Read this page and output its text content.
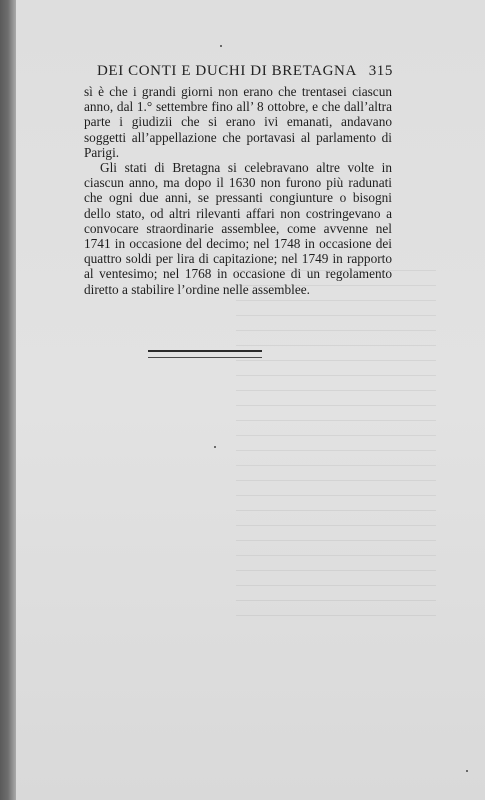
DEI CONTI E DUCHI DI BRETAGNA 315

sì è che i grandi giorni non erano che trentasei ciascun anno, dal 1.° settembre fino all’ 8 ottobre, e che dall’altra parte i giudizii che si erano ivi emanati, andavano soggetti all’appellazione che portavasi al parlamento di Parigi.

Gli stati di Bretagna si celebravano altre volte in ciascun anno, ma dopo il 1630 non furono più radunati che ogni due anni, se pressanti congiunture o bisogni dello stato, od altri rilevanti affari non costringevano a convocare straordinarie assemblee, come avvenne nel 1741 in occasione del decimo; nel 1748 in occasione dei quattro soldi per lira di capitazione; nel 1749 in rapporto al ventesimo; nel 1768 in occasione di un regolamento diretto a stabilire l’ordine nelle assemblee.
